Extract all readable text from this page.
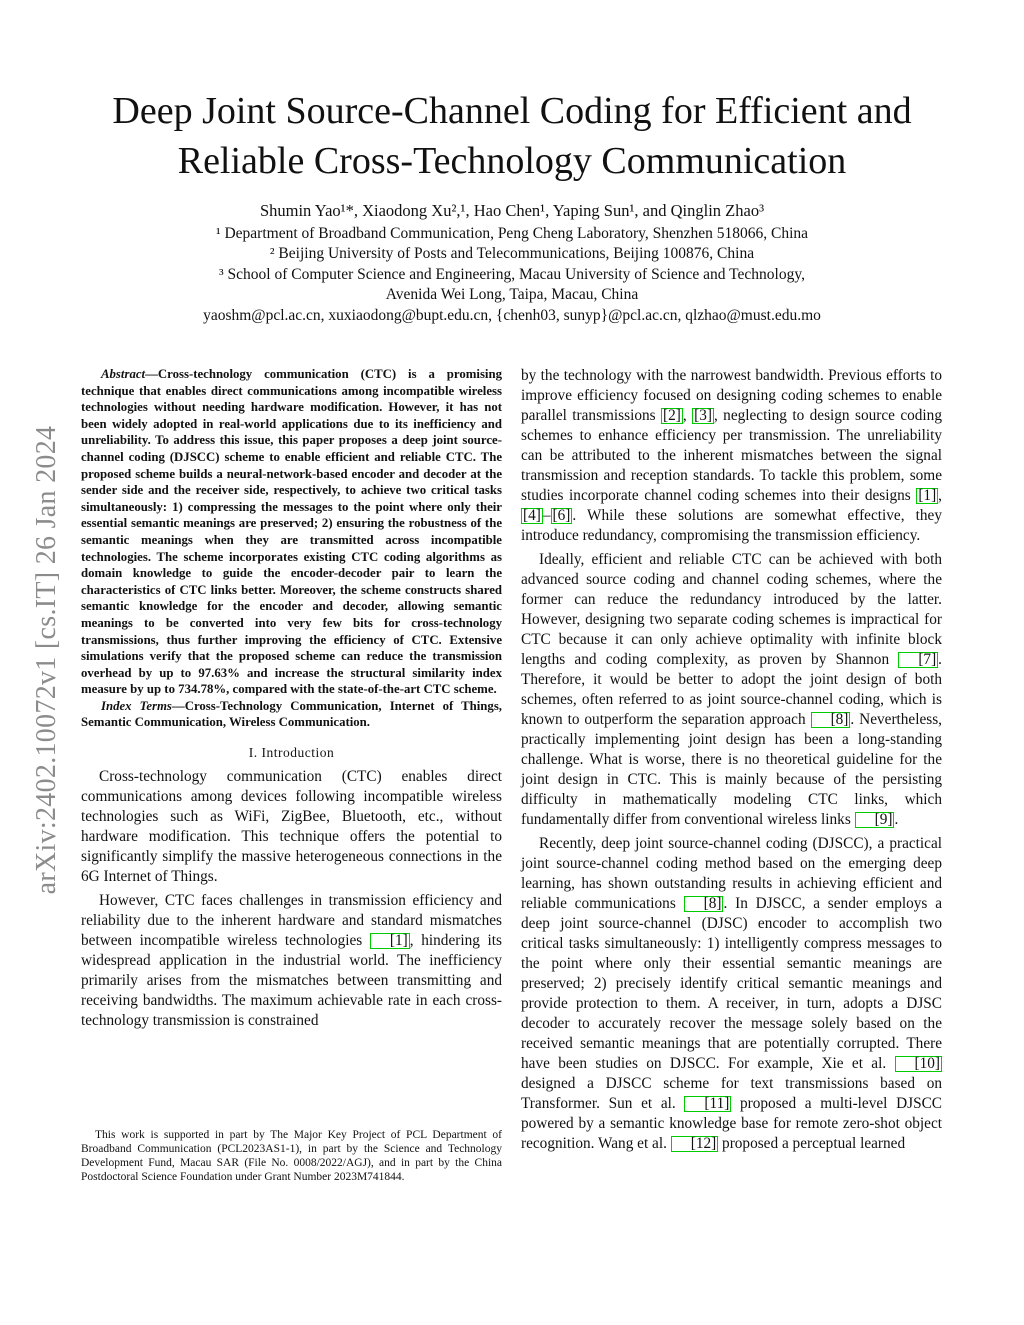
arXiv:2402.10072v1 [cs.IT] 26 Jan 2024
Deep Joint Source-Channel Coding for Efficient and
Reliable Cross-Technology Communication
Shumin Yao¹*, Xiaodong Xu²,¹, Hao Chen¹, Yaping Sun¹, and Qinglin Zhao³
¹ Department of Broadband Communication, Peng Cheng Laboratory, Shenzhen 518066, China
² Beijing University of Posts and Telecommunications, Beijing 100876, China
³ School of Computer Science and Engineering, Macau University of Science and Technology,
Avenida Wei Long, Taipa, Macau, China
yaoshm@pcl.ac.cn, xuxiaodong@bupt.edu.cn, {chenh03, sunyp}@pcl.ac.cn, qlzhao@must.edu.mo

Abstract—Cross-technology communication (CTC) is a promising technique that enables direct communications among incompatible wireless technologies without needing hardware modification. However, it has not been widely adopted in real-world applications due to its inefficiency and unreliability. To address this issue, this paper proposes a deep joint source-channel coding (DJSCC) scheme to enable efficient and reliable CTC. The proposed scheme builds a neural-network-based encoder and decoder at the sender side and the receiver side, respectively, to achieve two critical tasks simultaneously: 1) compressing the messages to the point where only their essential semantic meanings are preserved; 2) ensuring the robustness of the semantic meanings when they are transmitted across incompatible technologies. The scheme incorporates existing CTC coding algorithms as domain knowledge to guide the encoder-decoder pair to learn the characteristics of CTC links better. Moreover, the scheme constructs shared semantic knowledge for the encoder and decoder, allowing semantic meanings to be converted into very few bits for cross-technology transmissions, thus further improving the efficiency of CTC. Extensive simulations verify that the proposed scheme can reduce the transmission overhead by up to 97.63% and increase the structural similarity index measure by up to 734.78%, compared with the state-of-the-art CTC scheme.

Index Terms—Cross-Technology Communication, Internet of Things, Semantic Communication, Wireless Communication.

I. Introduction

Cross-technology communication (CTC) enables direct communications among devices following incompatible wireless technologies such as WiFi, ZigBee, Bluetooth, etc., without hardware modification. This technique offers the potential to significantly simplify the massive heterogeneous connections in the 6G Internet of Things.

However, CTC faces challenges in transmission efficiency and reliability due to the inherent hardware and standard mismatches between incompatible wireless technologies [1] , hindering its widespread application in the industrial world. The inefficiency primarily arises from the mismatches between transmitting and receiving bandwidths. The maximum achievable rate in each cross-technology transmission is constrained

This work is supported in part by The Major Key Project of PCL Department of Broadband Communication (PCL2023AS1-1), in part by the Science and Technology Development Fund, Macau SAR (File No. 0008/2022/AGJ), and in part by the China Postdoctoral Science Foundation under Grant Number 2023M741844.

by the technology with the narrowest bandwidth. Previous efforts to improve efficiency focused on designing coding schemes to enable parallel transmissions [2] , [3] , neglecting to design source coding schemes to enhance efficiency per transmission. The unreliability can be attributed to the inherent mismatches between the signal transmission and reception standards. To tackle this problem, some studies incorporate channel coding schemes into their designs [1] , [4] – [6] . While these solutions are somewhat effective, they introduce redundancy, compromising the transmission efficiency.

Ideally, efficient and reliable CTC can be achieved with both advanced source coding and channel coding schemes, where the former can reduce the redundancy introduced by the latter. However, designing two separate coding schemes is impractical for CTC because it can only achieve optimality with infinite block lengths and coding complexity, as proven by Shannon [7] . Therefore, it would be better to adopt the joint design of both schemes, often referred to as joint source-channel coding, which is known to outperform the separation approach [8] . Nevertheless, practically implementing joint design has been a long-standing challenge. What is worse, there is no theoretical guideline for the joint design in CTC. This is mainly because of the persisting difficulty in mathematically modeling CTC links, which fundamentally differ from conventional wireless links [9] .

Recently, deep joint source-channel coding (DJSCC), a practical joint source-channel coding method based on the emerging deep learning, has shown outstanding results in achieving efficient and reliable communications [8] . In DJSCC, a sender employs a deep joint source-channel (DJSC) encoder to accomplish two critical tasks simultaneously: 1) intelligently compress messages to the point where only their essential semantic meanings are preserved; 2) precisely identify critical semantic meanings and provide protection to them. A receiver, in turn, adopts a DJSC decoder to accurately recover the message solely based on the received semantic meanings that are potentially corrupted. There have been studies on DJSCC. For example, Xie et al. [10] designed a DJSCC scheme for text transmissions based on Transformer. Sun et al. [11] proposed a multi-level DJSCC powered by a semantic knowledge base for remote zero-shot object recognition. Wang et al. [12] proposed a perceptual learned
